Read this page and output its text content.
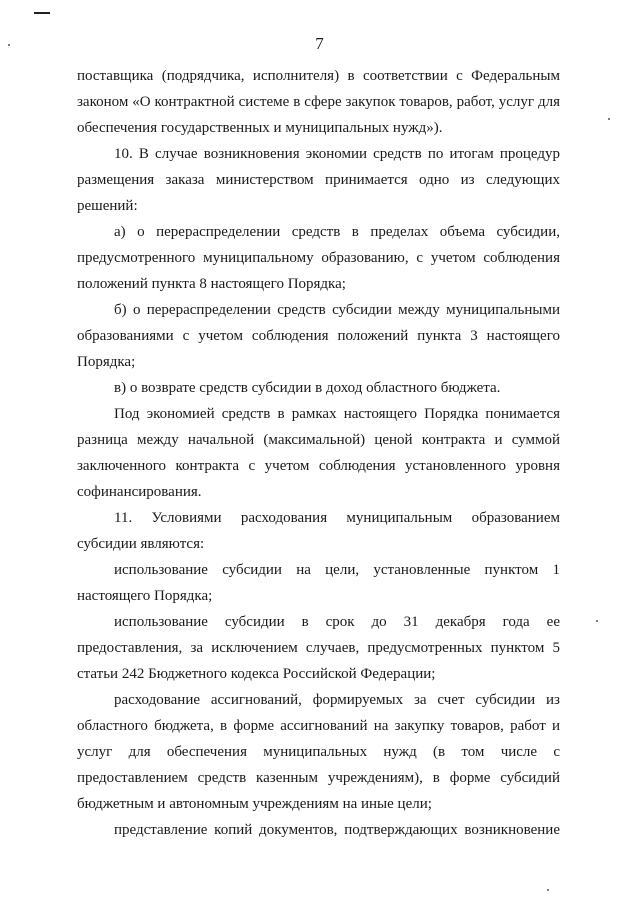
7

поставщика (подрядчика, исполнителя) в соответствии с Федеральным
законом «О контрактной системе в сфере закупок товаров, работ, услуг для
обеспечения государственных и муниципальных нужд»).

10. В случае возникновения экономии средств по итогам процедур
размещения заказа министерством принимается одно из следующих
решений:

а) о перераспределении средств в пределах объема субсидии,
предусмотренного муниципальному образованию, с учетом соблюдения
положений пункта 8 настоящего Порядка;

б) о перераспределении средств субсидии между муниципальными
образованиями с учетом соблюдения положений пункта 3 настоящего
Порядка;

в) о возврате средств субсидии в доход областного бюджета.

Под экономией средств в рамках настоящего Порядка понимается
разница между начальной (максимальной) ценой контракта и суммой
заключенного контракта с учетом соблюдения установленного уровня
софинансирования.

11. Условиями расходования муниципальным образованием
субсидии являются:

использование субсидии на цели, установленные пунктом 1
настоящего Порядка;

использование субсидии в срок до 31 декабря года ее
предоставления, за исключением случаев, предусмотренных пунктом 5
статьи 242 Бюджетного кодекса Российской Федерации;

расходование ассигнований, формируемых за счет субсидии из
областного бюджета, в форме ассигнований на закупку товаров, работ и
услуг для обеспечения муниципальных нужд (в том числе с
предоставлением средств казенным учреждениям), в форме субсидий
бюджетным и автономным учреждениям на иные цели;

представление копий документов, подтверждающих возникновение
